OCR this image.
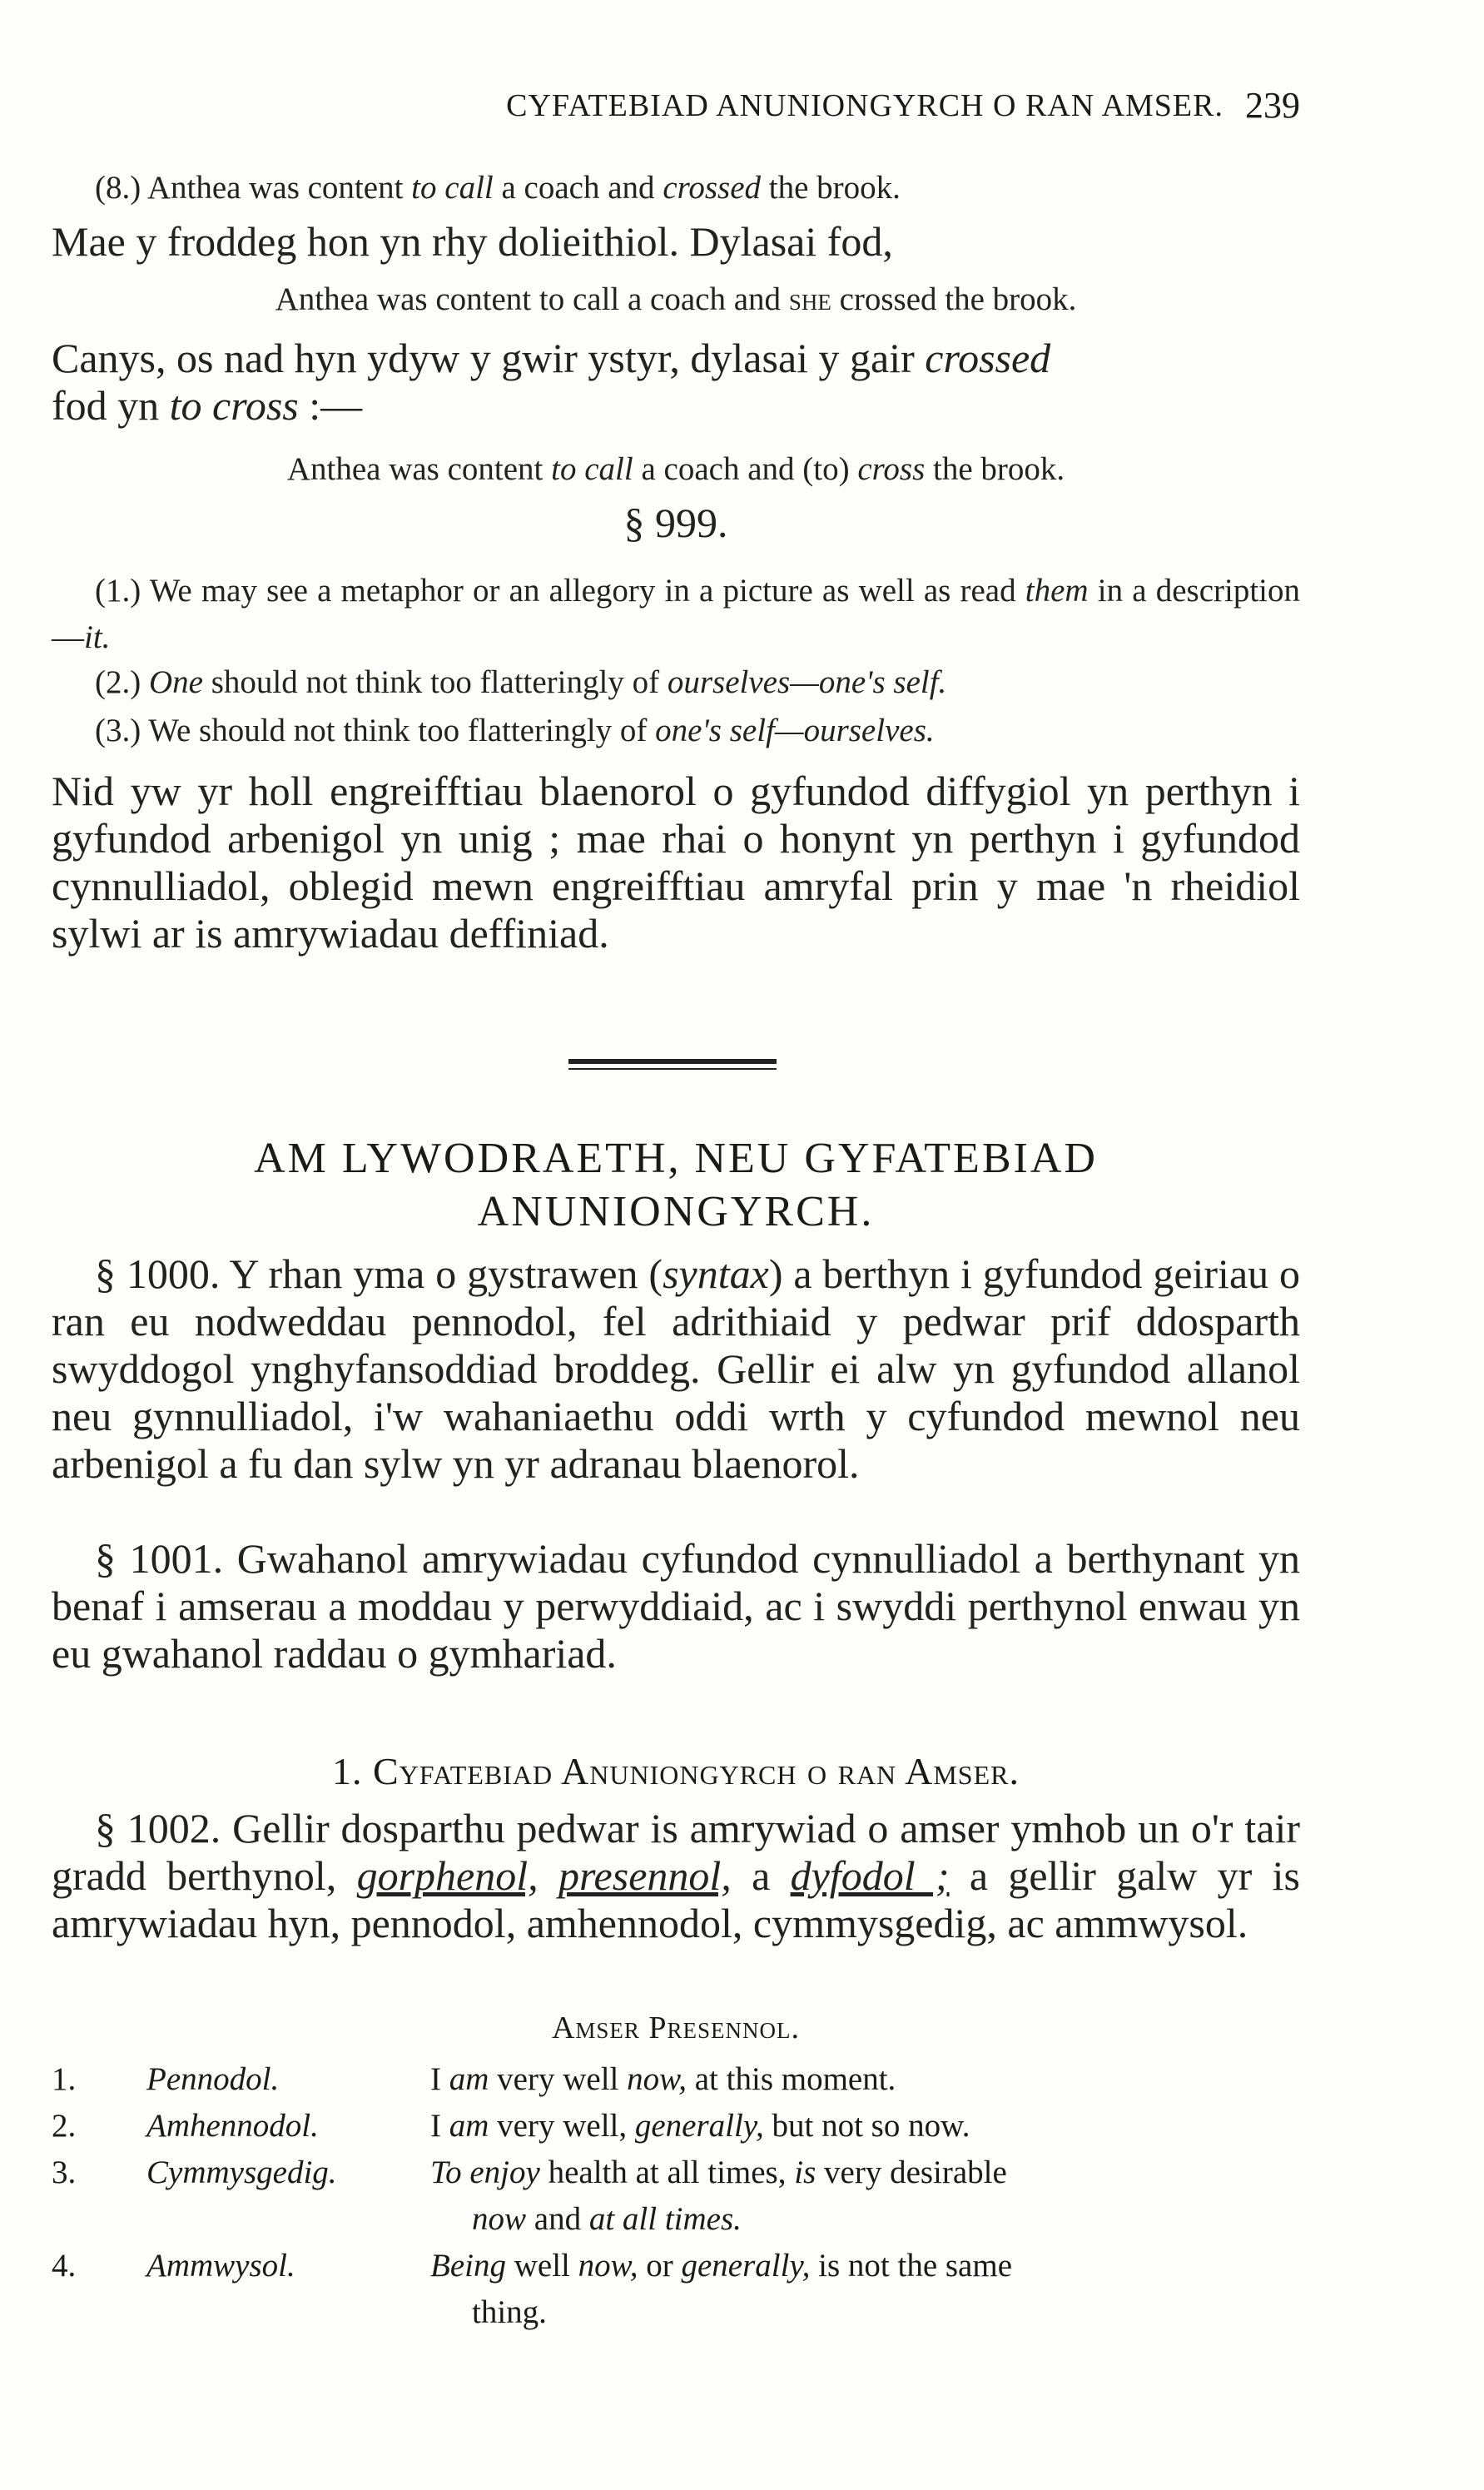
CYFATEBIAD ANUNIONGYRCH O RAN AMSER. 239
(8.) Anthea was content to call a coach and crossed the brook.
Mae y froddeg hon yn rhy dolieithiol. Dylasai fod,
Anthea was content to call a coach and she crossed the brook.
Canys, os nad hyn ydyw y gwir ystyr, dylasai y gair crossed
fod yn to cross :—
Anthea was content to call a coach and (to) cross the brook.
§ 999.
(1.) We may see a metaphor or an allegory in a picture as well as read them in a description—it.
(2.) One should not think too flatteringly of ourselves—one's self.
(3.) We should not think too flatteringly of one's self—ourselves.
Nid yw yr holl engreifftiau blaenorol o gyfundod diffygiol yn perthyn i gyfundod arbenigol yn unig ; mae rhai o honynt yn perthyn i gyfundod cynnulliadol, oblegid mewn engreifftiau amryfal prin y mae 'n rheidiol sylwi ar is amrywiadau deffiniad.
AM LYWODRAETH, NEU GYFATEBIAD
ANUNIONGYRCH.
§ 1000. Y rhan yma o gystrawen (syntax) a berthyn i gyfundod geiriau o ran eu nodweddau pennodol, fel adrithiaid y pedwar prif ddosparth swyddogol ynghyfansoddiad broddeg. Gellir ei alw yn gyfundod allanol neu gynnulliadol, i'w wahaniaethu oddi wrth y cyfundod mewnol neu arbenigol a fu dan sylw yn yr adranau blaenorol.
§ 1001. Gwahanol amrywiadau cyfundod cynnulliadol a berthynant yn benaf i amserau a moddau y perwyddiaid, ac i swyddi perthynol enwau yn eu gwahanol raddau o gymhariad.
1. Cyfatebiad Anuniongyrch o ran Amser.
§ 1002. Gellir dosparthu pedwar is amrywiad o amser ymhob un o'r tair gradd berthynol, gorphenol, presennol, a dyfodol ; a gellir galw yr is amrywiadau hyn, pennodol, amhennodol, cymmysgedig, ac ammwysol.
Amser Presennol.
1.	Pennodol.	I am very well now, at this moment.
2.	Amhennodol.	I am very well, generally, but not so now.
3.	Cymmysgedig.	To enjoy health at all times, is very desirable
now and at all times.
4.	Ammwysol.	Being well now, or generally, is not the same
thing.
